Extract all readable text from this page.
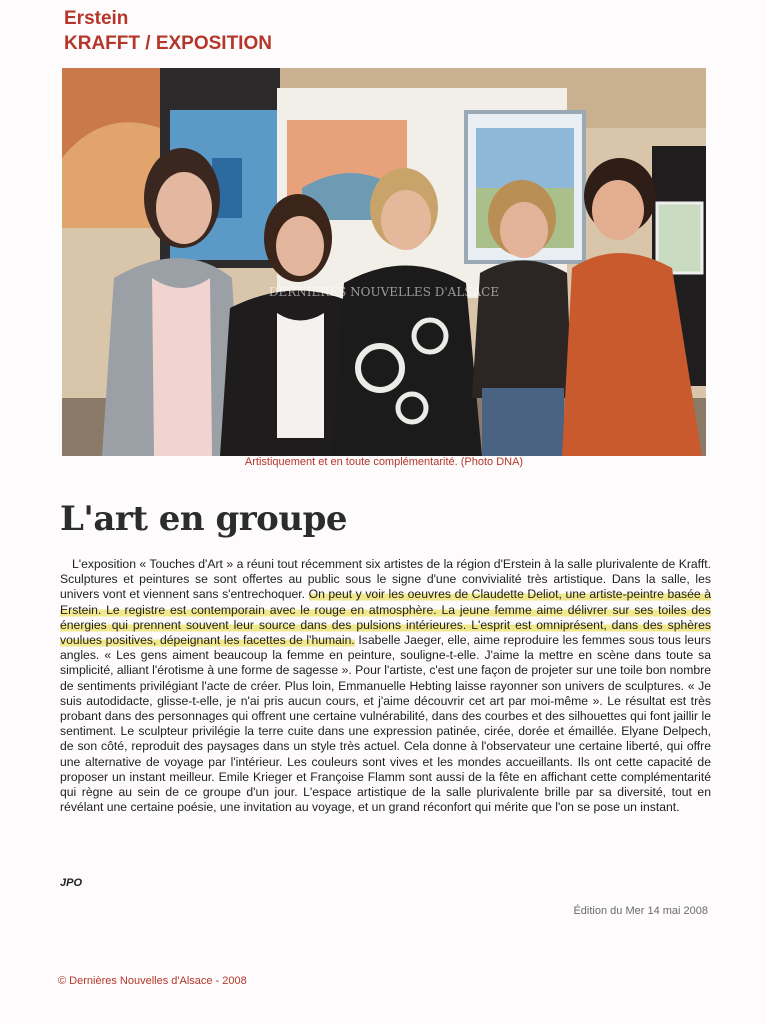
Erstein
KRAFFT / EXPOSITION
DERNIERES NOUVELLES D'ALSACE
Artistiquement et en toute complémentarité. (Photo DNA)
L'art en groupe

L'exposition « Touches d'Art » a réuni tout récemment six artistes de la région d'Erstein à la salle plurivalente de Krafft. Sculptures et peintures se sont offertes au public sous le signe d'une convivialité très artistique. Dans la salle, les univers vont et viennent sans s'entrechoquer. On peut y voir les oeuvres de Claudette Deliot, une artiste-peintre basée à Erstein. Le registre est contemporain avec le rouge en atmosphère. La jeune femme aime délivrer sur ses toiles des énergies qui prennent souvent leur source dans des pulsions intérieures. L'esprit est omniprésent, dans des sphères voulues positives, dépeignant les facettes de l'humain. Isabelle Jaeger, elle, aime reproduire les femmes sous tous leurs angles. « Les gens aiment beaucoup la femme en peinture, souligne-t-elle. J'aime la mettre en scène dans toute sa simplicité, alliant l'érotisme à une forme de sagesse ». Pour l'artiste, c'est une façon de projeter sur une toile bon nombre de sentiments privilégiant l'acte de créer. Plus loin, Emmanuelle Hebting laisse rayonner son univers de sculptures. « Je suis autodidacte, glisse-t-elle, je n'ai pris aucun cours, et j'aime découvrir cet art par moi-même ». Le résultat est très probant dans des personnages qui offrent une certaine vulnérabilité, dans des courbes et des silhouettes qui font jaillir le sentiment. Le sculpteur privilégie la terre cuite dans une expression patinée, cirée, dorée et émaillée. Elyane Delpech, de son côté, reproduit des paysages dans un style très actuel. Cela donne à l'observateur une certaine liberté, qui offre une alternative de voyage par l'intérieur. Les couleurs sont vives et les mondes accueillants. Ils ont cette capacité de proposer un instant meilleur. Emile Krieger et Françoise Flamm sont aussi de la fête en affichant cette complémentarité qui règne au sein de ce groupe d'un jour. L'espace artistique de la salle plurivalente brille par sa diversité, tout en révélant une certaine poésie, une invitation au voyage, et un grand réconfort qui mérite que l'on se pose un instant.

JPO
Édition du Mer 14 mai 2008
© Dernières Nouvelles d'Alsace - 2008
